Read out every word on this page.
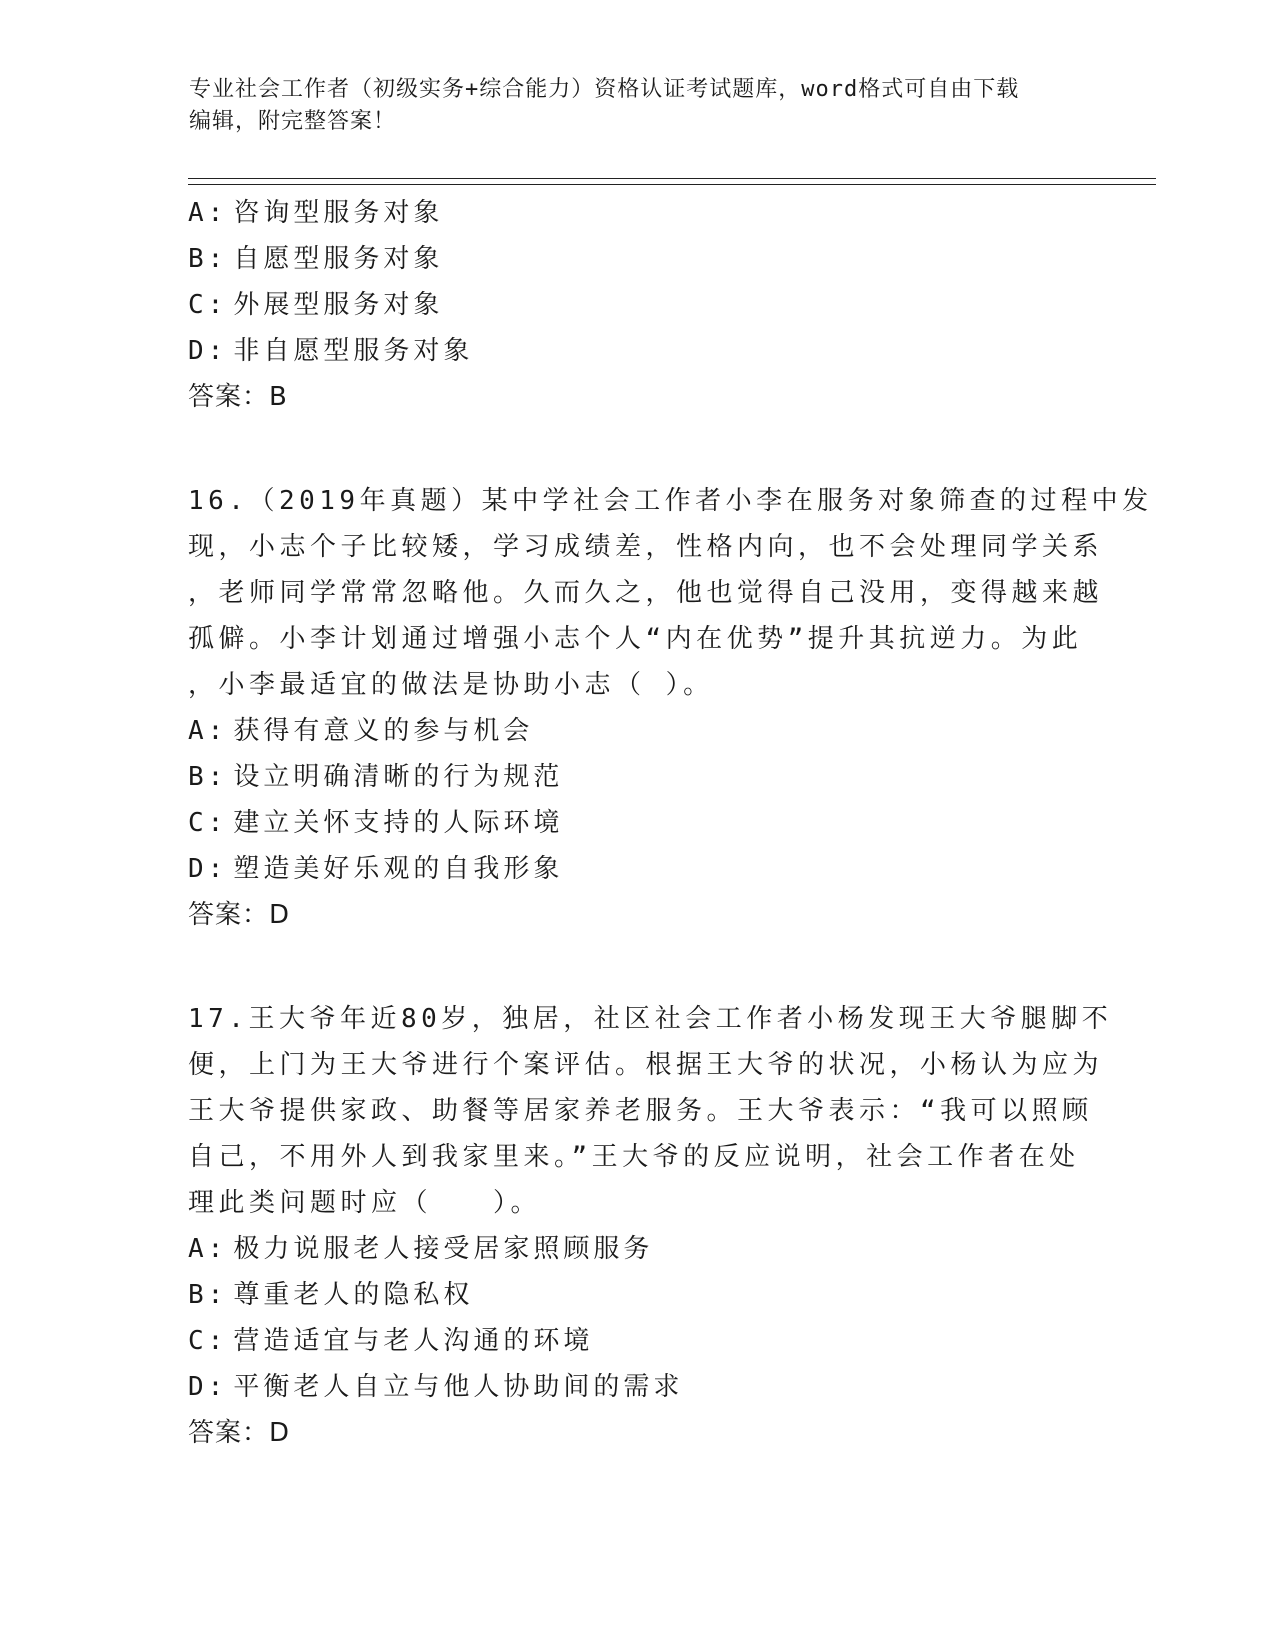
专业社会工作者（初级实务+综合能力）资格认证考试题库，word格式可自由下载
编辑，附完整答案！
A: 咨询型服务对象
B: 自愿型服务对象
C: 外展型服务对象
D: 非自愿型服务对象
答案：B
16.（2019年真题）某中学社会工作者小李在服务对象筛查的过程中发
现，小志个子比较矮，学习成绩差，性格内向，也不会处理同学关系
，老师同学常常忽略他。久而久之，他也觉得自己没用，变得越来越
孤僻。小李计划通过增强小志个人“内在优势”提升其抗逆力。为此
，小李最适宜的做法是协助小志（ ）。
A: 获得有意义的参与机会
B: 设立明确清晰的行为规范
C: 建立关怀支持的人际环境
D: 塑造美好乐观的自我形象
答案：D
17.王大爷年近80岁，独居，社区社会工作者小杨发现王大爷腿脚不
便，上门为王大爷进行个案评估。根据王大爷的状况，小杨认为应为
王大爷提供家政、助餐等居家养老服务。王大爷表示：“我可以照顾
自己，不用外人到我家里来。”王大爷的反应说明，社会工作者在处
理此类问题时应（　　）。
A: 极力说服老人接受居家照顾服务
B: 尊重老人的隐私权
C: 营造适宜与老人沟通的环境
D: 平衡老人自立与他人协助间的需求
答案：D
